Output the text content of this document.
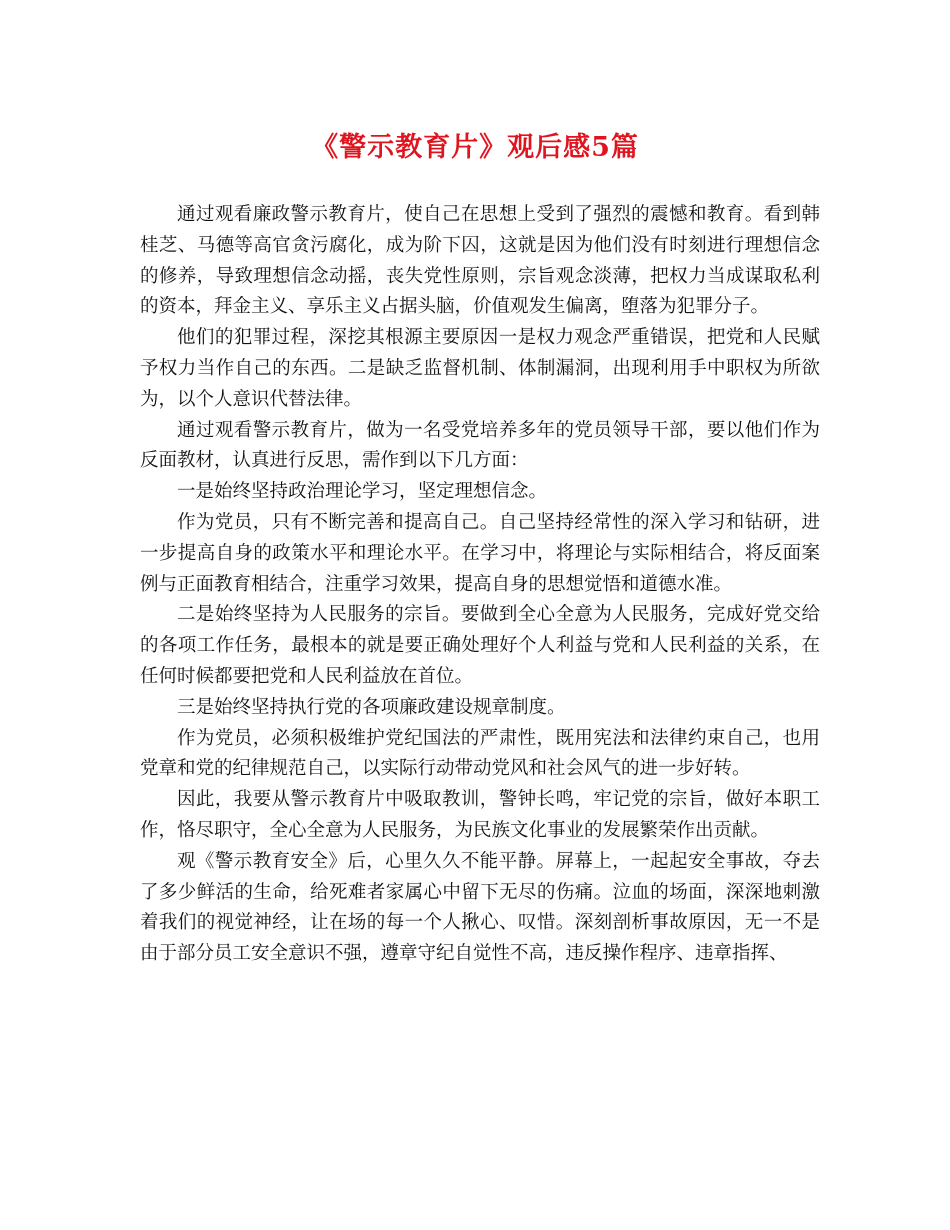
《警示教育片》观后感5篇

通过观看廉政警示教育片，使自己在思想上受到了强烈的震憾和教育。看到韩桂芝、马德等高官贪污腐化，成为阶下囚，这就是因为他们没有时刻进行理想信念的修养，导致理想信念动摇，丧失党性原则，宗旨观念淡薄，把权力当成谋取私利的资本，拜金主义、享乐主义占据头脑，价值观发生偏离，堕落为犯罪分子。

他们的犯罪过程，深挖其根源主要原因一是权力观念严重错误，把党和人民赋予权力当作自己的东西。二是缺乏监督机制、体制漏洞，出现利用手中职权为所欲为，以个人意识代替法律。

通过观看警示教育片，做为一名受党培养多年的党员领导干部，要以他们作为反面教材，认真进行反思，需作到以下几方面：

一是始终坚持政治理论学习，坚定理想信念。

作为党员，只有不断完善和提高自己。自己坚持经常性的深入学习和钻研，进一步提高自身的政策水平和理论水平。在学习中，将理论与实际相结合，将反面案例与正面教育相结合，注重学习效果，提高自身的思想觉悟和道德水准。

二是始终坚持为人民服务的宗旨。要做到全心全意为人民服务，完成好党交给的各项工作任务，最根本的就是要正确处理好个人利益与党和人民利益的关系，在任何时候都要把党和人民利益放在首位。

三是始终坚持执行党的各项廉政建设规章制度。

作为党员，必须积极维护党纪国法的严肃性，既用宪法和法律约束自己，也用党章和党的纪律规范自己，以实际行动带动党风和社会风气的进一步好转。

因此，我要从警示教育片中吸取教训，警钟长鸣，牢记党的宗旨，做好本职工作，恪尽职守，全心全意为人民服务，为民族文化事业的发展繁荣作出贡献。

观《警示教育安全》后，心里久久不能平静。屏幕上，一起起安全事故，夺去了多少鲜活的生命，给死难者家属心中留下无尽的伤痛。泣血的场面，深深地刺激着我们的视觉神经，让在场的每一个人揪心、叹惜。深刻剖析事故原因，无一不是由于部分员工安全意识不强，遵章守纪自觉性不高，违反操作程序、违章指挥、
